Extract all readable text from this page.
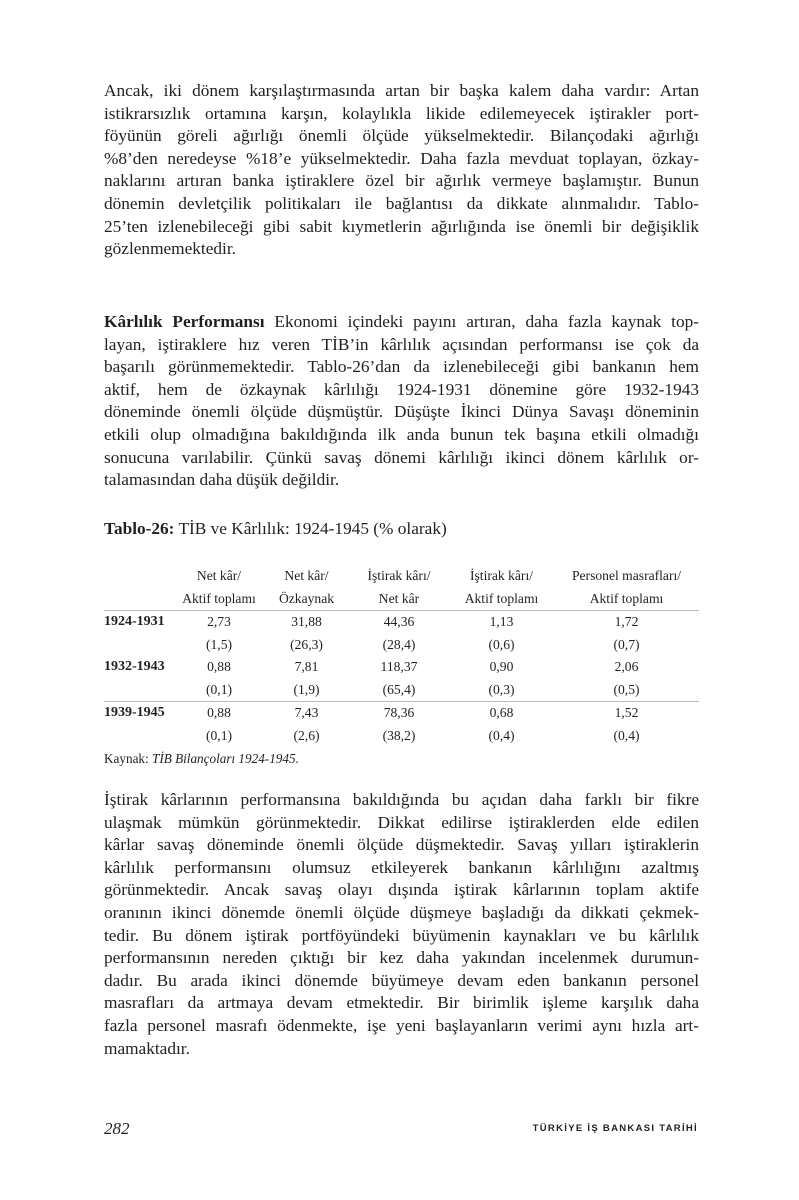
Ancak, iki dönem karşılaştırmasında artan bir başka kalem daha vardır: Artan
istikrarsızlık ortamına karşın, kolaylıkla likide edilemeyecek iştirakler port-
föyünün göreli ağırlığı önemli ölçüde yükselmektedir. Bilançodaki ağırlığı
%8’den neredeyse %18’e yükselmektedir. Daha fazla mevduat toplayan, özkay-
naklarını artıran banka iştiraklere özel bir ağırlık vermeye başlamıştır. Bunun
dönemin devletçilik politikaları ile bağlantısı da dikkate alınmalıdır. Tablo-
25’ten izlenebileceği gibi sabit kıymetlerin ağırlığında ise önemli bir değişiklik
gözlenmemektedir.
Kârlılık Performansı Ekonomi içindeki payını artıran, daha fazla kaynak top-
layan, iştiraklere hız veren TİB’in kârlılık açısından performansı ise çok da
başarılı görünmemektedir. Tablo-26’dan da izlenebileceği gibi bankanın hem
aktif, hem de özkaynak kârlılığı 1924-1931 dönemine göre 1932-1943
döneminde önemli ölçüde düşmüştür. Düşüşte İkinci Dünya Savaşı döneminin
etkili olup olmadığına bakıldığında ilk anda bunun tek başına etkili olmadığı
sonucuna varılabilir. Çünkü savaş dönemi kârlılığı ikinci dönem kârlılık or-
talamasından daha düşük değildir.
Tablo-26: TİB ve Kârlılık: 1924-1945 (% olarak)
	Net kâr/	Net kâr/	İştirak kârı/	İştirak kârı/	Personel masrafları/
	Aktif toplamı	Özkaynak	Net kâr	Aktif toplamı	Aktif toplamı
1924-1931	2,73	31,88	44,36	1,13	1,72
	(1,5)	(26,3)	(28,4)	(0,6)	(0,7)
1932-1943	0,88	7,81	118,37	0,90	2,06
	(0,1)	(1,9)	(65,4)	(0,3)	(0,5)
1939-1945	0,88	7,43	78,36	0,68	1,52
	(0,1)	(2,6)	(38,2)	(0,4)	(0,4)
Kaynak: TİB Bilançoları 1924-1945.
İştirak kârlarının performansına bakıldığında bu açıdan daha farklı bir fikre
ulaşmak mümkün görünmektedir. Dikkat edilirse iştiraklerden elde edilen
kârlar savaş döneminde önemli ölçüde düşmektedir. Savaş yılları iştiraklerin
kârlılık performansını olumsuz etkileyerek bankanın kârlılığını azaltmış
görünmektedir. Ancak savaş olayı dışında iştirak kârlarının toplam aktife
oranının ikinci dönemde önemli ölçüde düşmeye başladığı da dikkati çekmek-
tedir. Bu dönem iştirak portföyündeki büyümenin kaynakları ve bu kârlılık
performansının nereden çıktığı bir kez daha yakından incelenmek durumun-
dadır. Bu arada ikinci dönemde büyümeye devam eden bankanın personel
masrafları da artmaya devam etmektedir. Bir birimlik işleme karşılık daha
fazla personel masrafı ödenmekte, işe yeni başlayanların verimi aynı hızla art-
mamaktadır.
282	TÜRKİYE İŞ BANKASI TARİHİ
